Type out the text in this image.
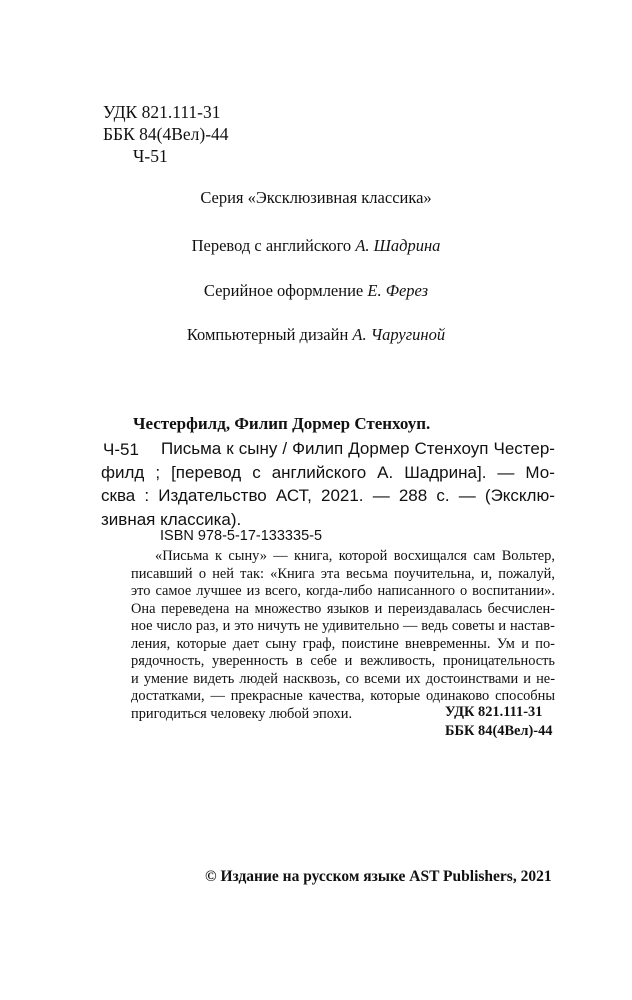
УДК 821.111-31
ББК 84(4Вел)-44
Ч-51
Серия «Эксклюзивная классика»
Перевод с английского А. Шадрина
Серийное оформление Е. Ферез
Компьютерный дизайн А. Чаругиной
Честерфилд, Филип Дормер Стенхоуп.
Ч-51 Письма к сыну / Филип Дормер Стенхоуп Честер-
филд ; [перевод с английского А. Шадрина]. — Мо-
сква : Издательство АСТ, 2021. — 288 с. — (Эксклю-
зивная классика).
ISBN 978-5-17-133335-5
«Письма к сыну» — книга, которой восхищался сам Вольтер,
писавший о ней так: «Книга эта весьма поучительна, и, пожалуй,
это самое лучшее из всего, когда-либо написанного о воспитании».
Она переведена на множество языков и переиздавалась бесчислен-
ное число раз, и это ничуть не удивительно — ведь советы и настав-
ления, которые дает сыну граф, поистине вневременны. Ум и по-
рядочность, уверенность в себе и вежливость, проницательность
и умение видеть людей насквозь, со всеми их достоинствами и не-
достатками, — прекрасные качества, которые одинаково способны
пригодиться человеку любой эпохи.	УДК 821.111-31
ББК 84(4Вел)-44
© Издание на русском языке AST Publishers, 2021
